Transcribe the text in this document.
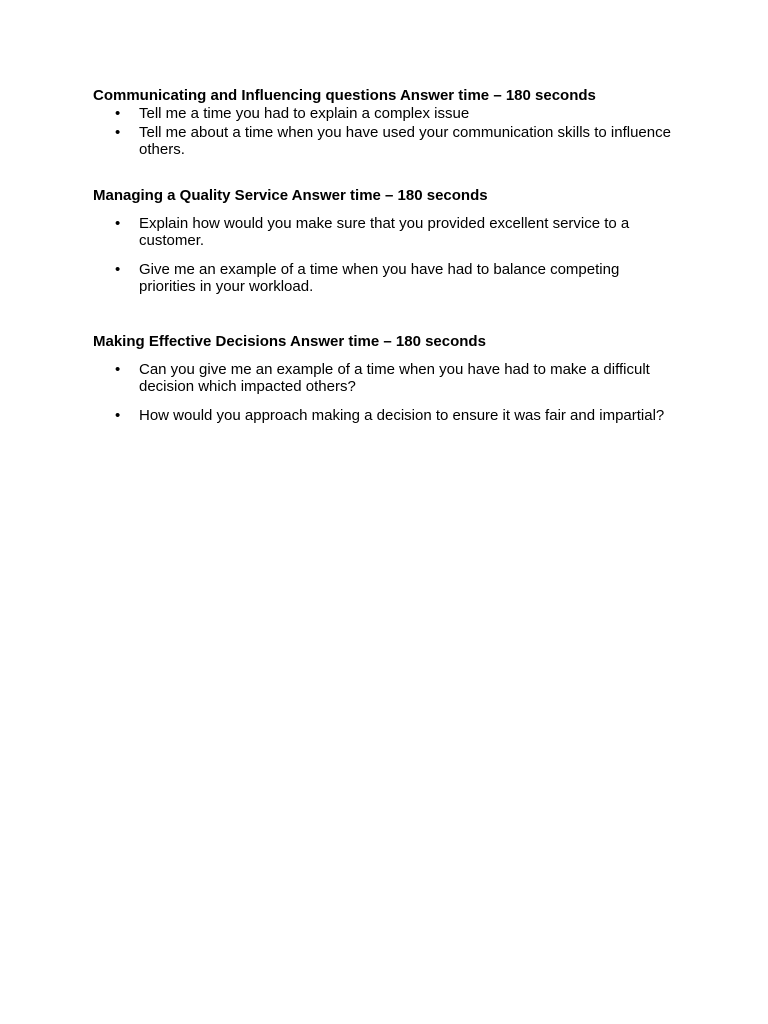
Communicating and Influencing questions Answer time – 180 seconds
•	Tell me a time you had to explain a complex issue
•	Tell me about a time when you have used your communication skills to influence others.
Managing a Quality Service Answer time – 180 seconds
•	Explain how would you make sure that you provided excellent service to a customer.
•	Give me an example of a time when you have had to balance competing priorities in your workload.
Making Effective Decisions Answer time – 180 seconds
•	Can you give me an example of a time when you have had to make a difficult decision which impacted others?
•	How would you approach making a decision to ensure it was fair and impartial?
